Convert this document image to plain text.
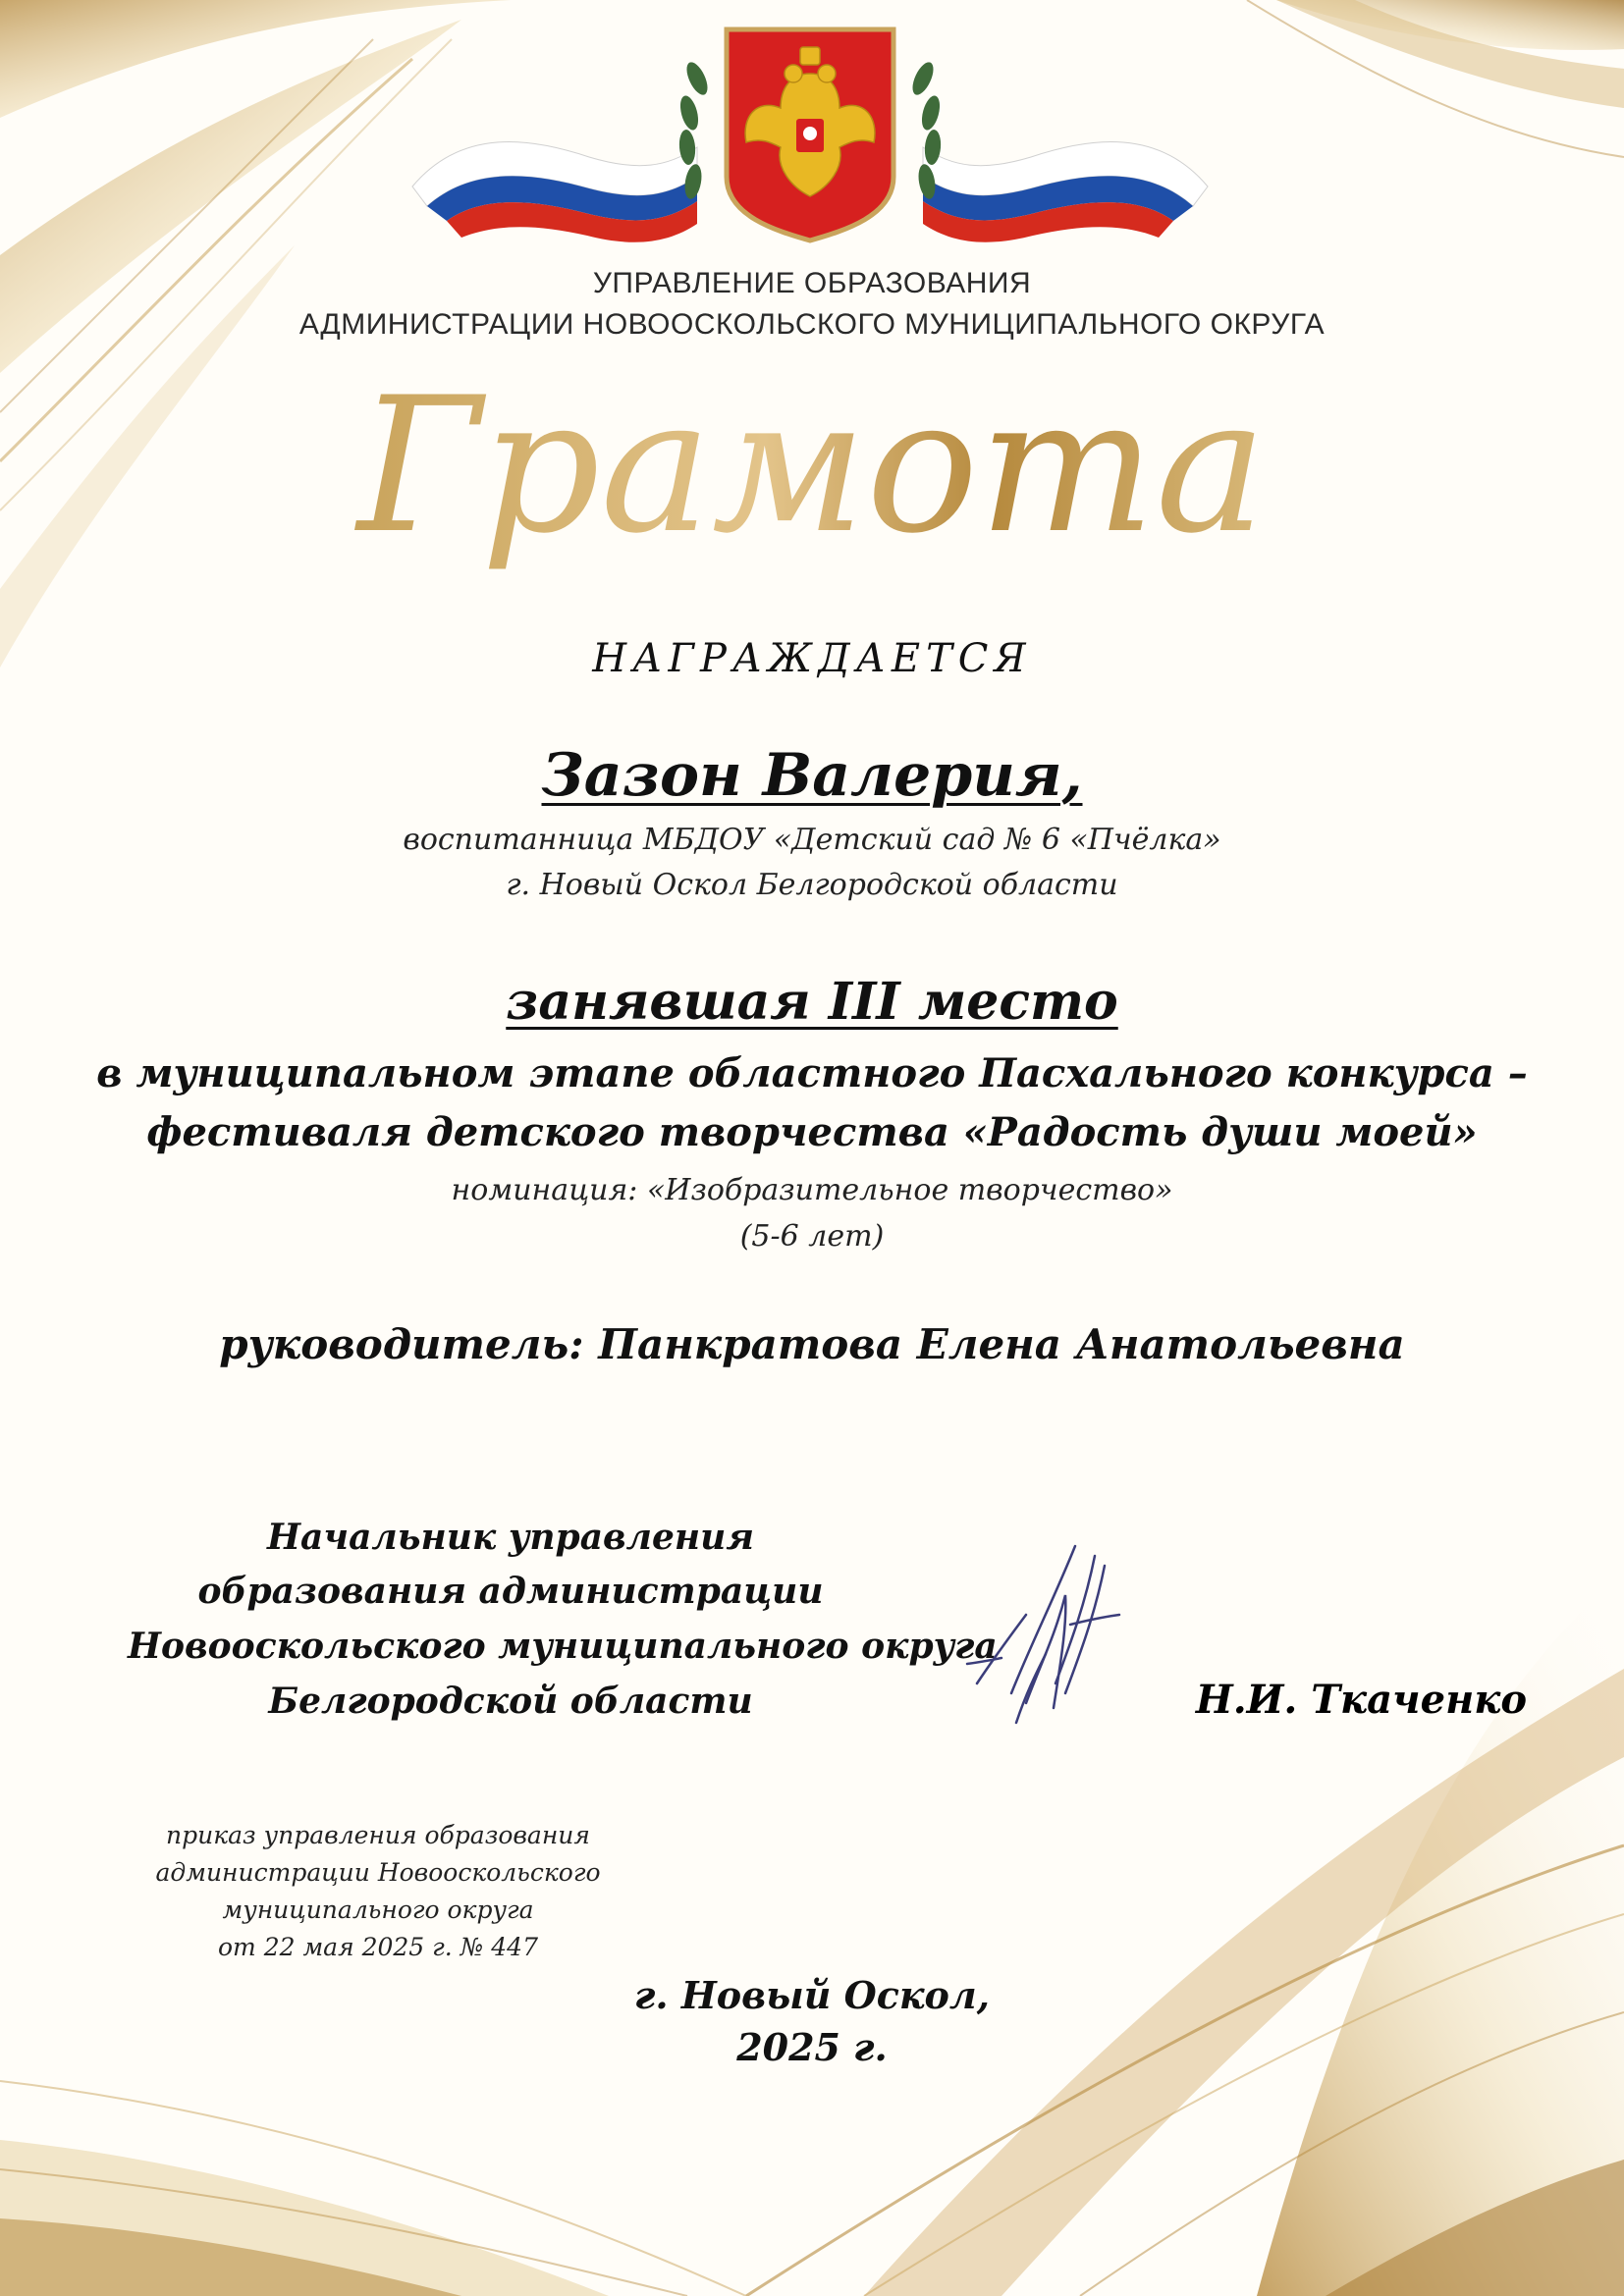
УПРАВЛЕНИЕ ОБРАЗОВАНИЯ
АДМИНИСТРАЦИИ НОВООСКОЛЬСКОГО МУНИЦИПАЛЬНОГО ОКРУГА
Грамота
НАГРАЖДАЕТСЯ
Зазон Валерия,
воспитанница МБДОУ «Детский сад № 6 «Пчёлка»
г. Новый Оскол Белгородской области
занявшая III место
в муниципальном этапе областного Пасхального конкурса –
фестиваля детского творчества «Радость души моей»
номинация: «Изобразительное творчество»
(5-6 лет)
руководитель: Панкратова Елена Анатольевна
Начальник управления
образования администрации
Новооскольского муниципального округа
Белгородской области	Н.И. Ткаченко
приказ управления образования
администрации Новооскольского
муниципального округа
от 22 мая 2025 г. № 447
г. Новый Оскол,
2025 г.
